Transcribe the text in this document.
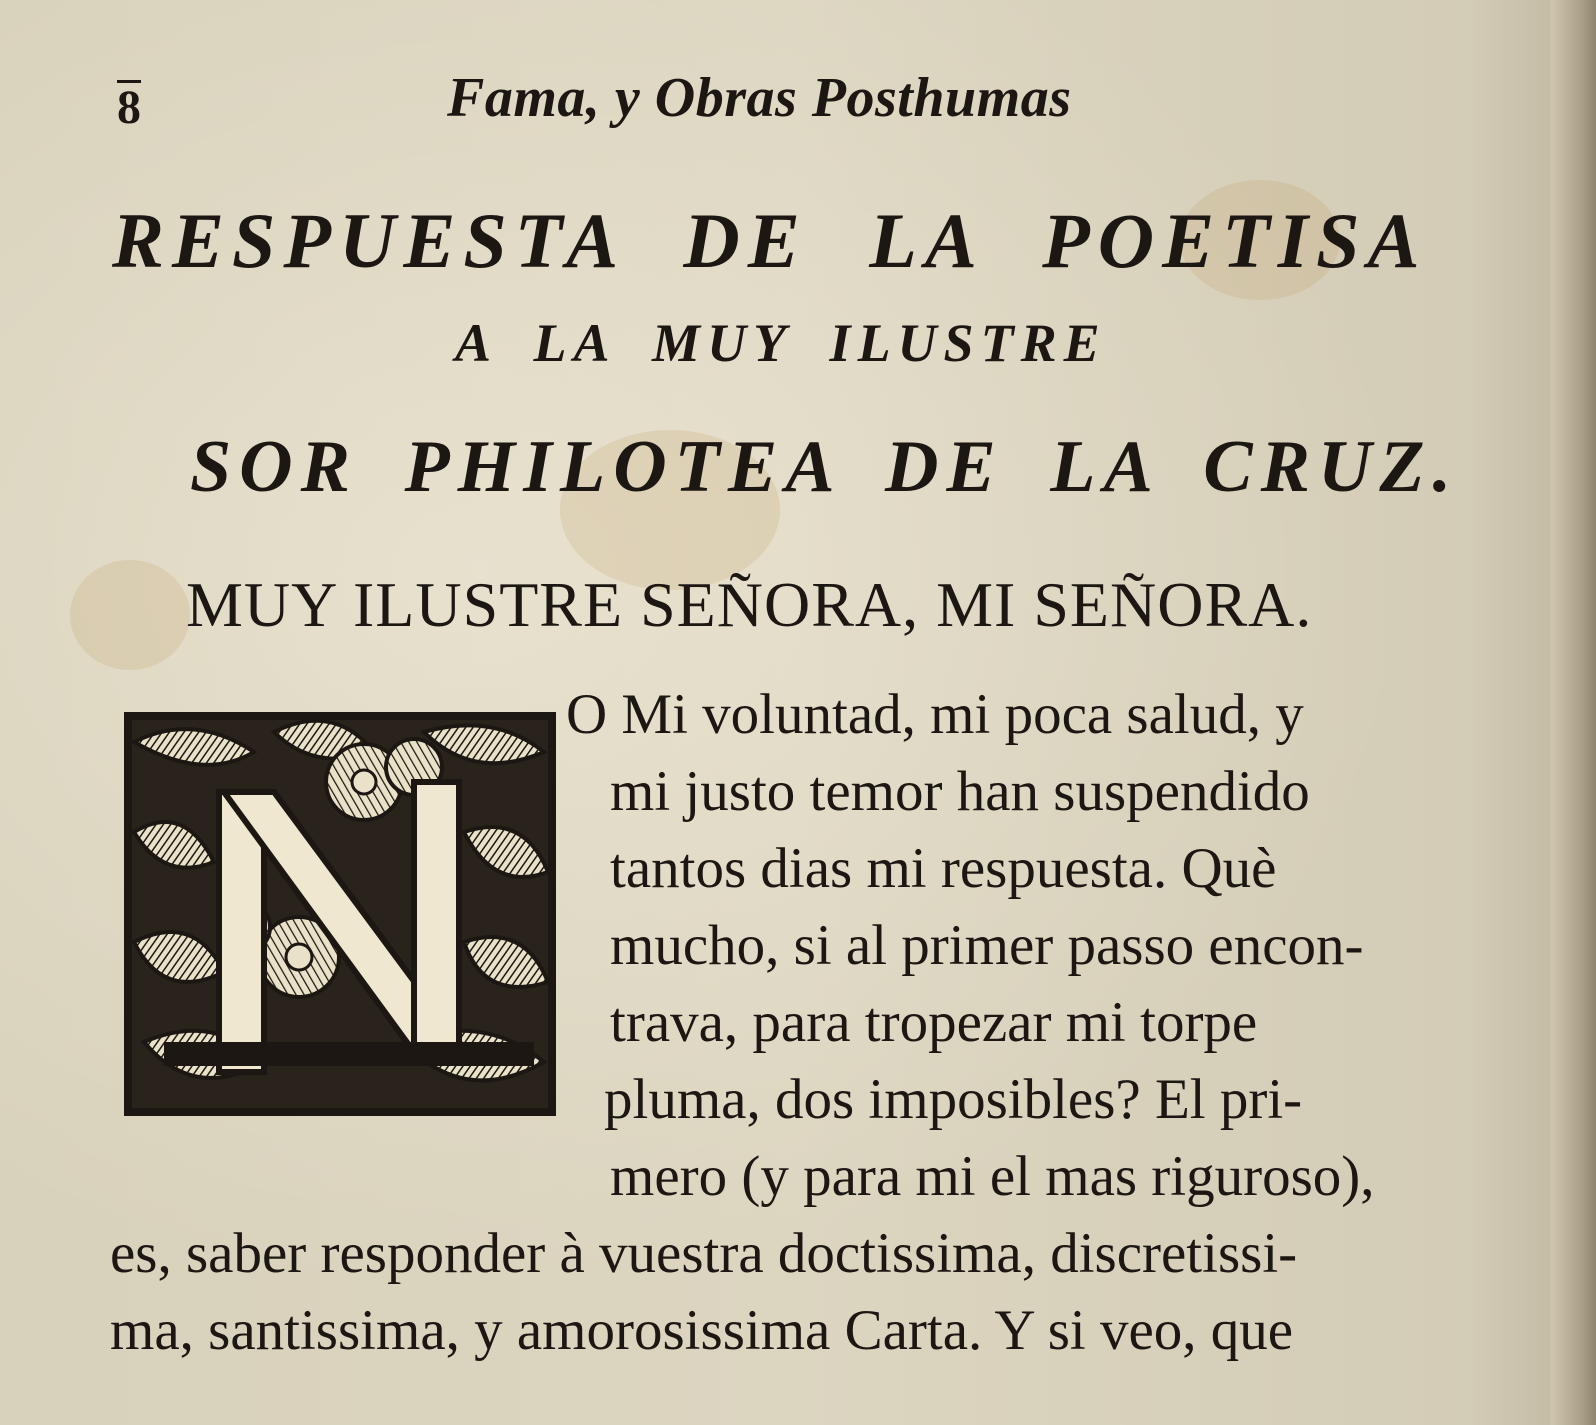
8	Fama, y Obras Posthumas
RESPUESTA DE LA POETISA
A LA MUY ILUSTRE
SOR PHILOTEA DE LA CRUZ.
MUY ILUSTRE SEÑORA, MI SEÑORA.
O Mi voluntad, mi poca salud, y
mi justo temor han suspendido
tantos dias mi respuesta. Què
mucho, si al primer passo encon-
trava, para tropezar mi torpe
pluma, dos imposibles? El pri-
mero (y para mi el mas riguroso),
es, saber responder à vuestra doctissima, discretissi-
ma, santissima, y amorosissima Carta. Y si veo, que
